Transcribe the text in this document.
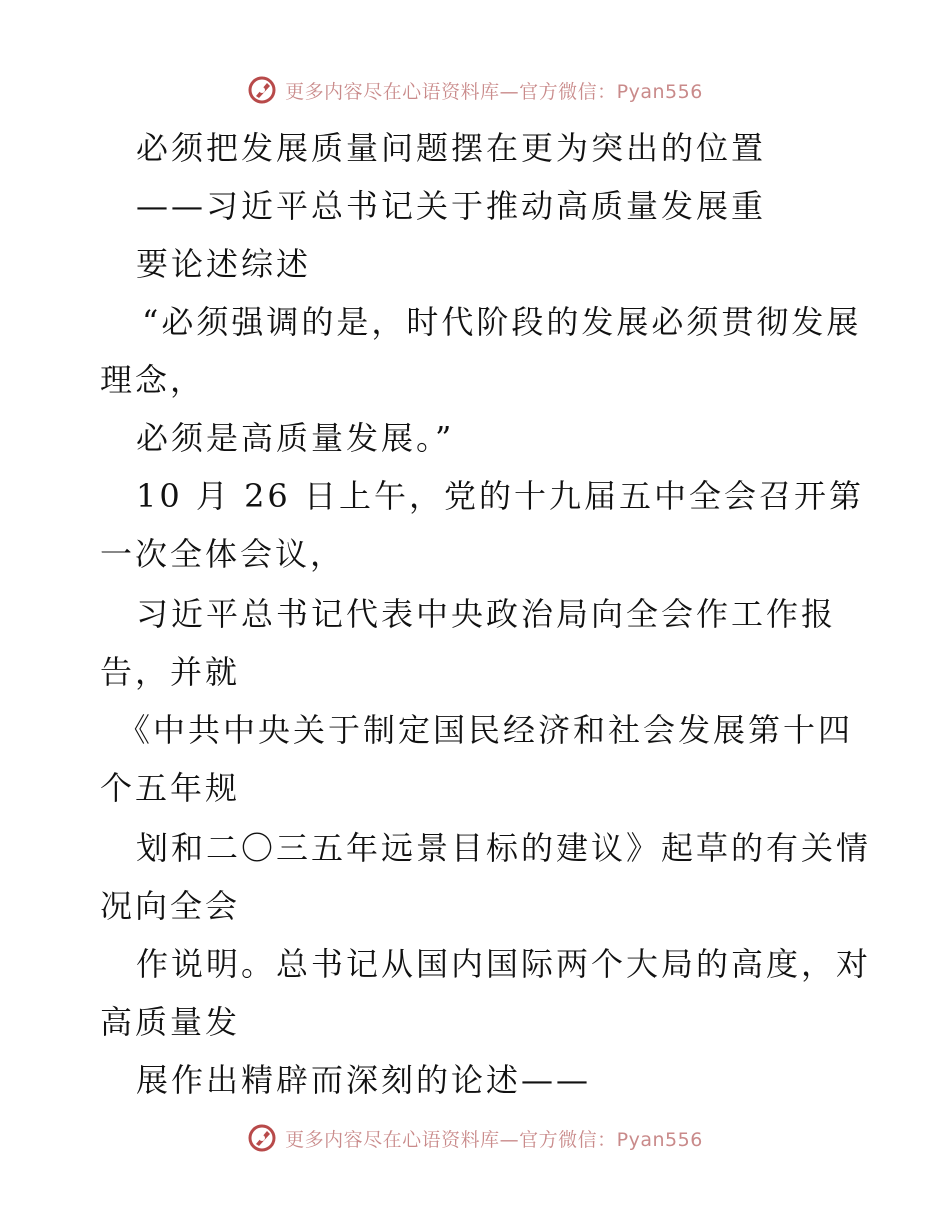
更多内容尽在心语资料库—官方微信：Pyan556
必须把发展质量问题摆在更为突出的位置
——习近平总书记关于推动高质量发展重
要论述综述
“必须强调的是，时代阶段的发展必须贯彻发展
理念，
必须是高质量发展。”
10 月 26 日上午，党的十九届五中全会召开第
一次全体会议，
习近平总书记代表中央政治局向全会作工作报
告，并就
《中共中央关于制定国民经济和社会发展第十四
个五年规
划和二〇三五年远景目标的建议》起草的有关情
况向全会
作说明。总书记从国内国际两个大局的高度，对
高质量发
展作出精辟而深刻的论述——
更多内容尽在心语资料库—官方微信：Pyan556
